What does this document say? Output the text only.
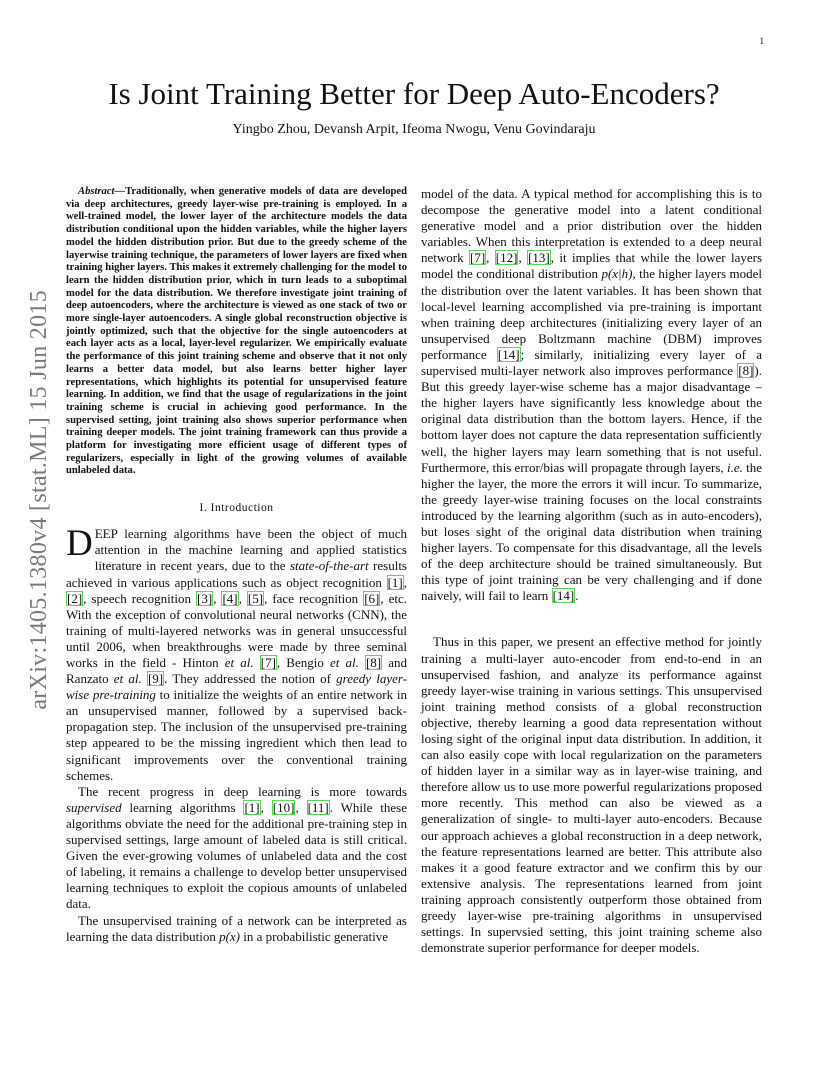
1
arXiv:1405.1380v4 [stat.ML] 15 Jun 2015
Is Joint Training Better for Deep Auto-Encoders?
Yingbo Zhou, Devansh Arpit, Ifeoma Nwogu, Venu Govindaraju

Abstract—Traditionally, when generative models of data are developed via deep architectures, greedy layer-wise pre-training is employed. In a well-trained model, the lower layer of the architecture models the data distribution conditional upon the hidden variables, while the higher layers model the hidden distribution prior. But due to the greedy scheme of the layerwise training technique, the parameters of lower layers are fixed when training higher layers. This makes it extremely challenging for the model to learn the hidden distribution prior, which in turn leads to a suboptimal model for the data distribution. We therefore investigate joint training of deep autoencoders, where the architecture is viewed as one stack of two or more single-layer autoencoders. A single global reconstruction objective is jointly optimized, such that the objective for the single autoencoders at each layer acts as a local, layer-level regularizer. We empirically evaluate the performance of this joint training scheme and observe that it not only learns a better data model, but also learns better higher layer representations, which highlights its potential for unsupervised feature learning. In addition, we find that the usage of regularizations in the joint training scheme is crucial in achieving good performance. In the supervised setting, joint training also shows superior performance when training deeper models. The joint training framework can thus provide a platform for investigating more efficient usage of different types of regularizers, especially in light of the growing volumes of available unlabeled data.

I. Introduction

DEEP learning algorithms have been the object of much attention in the machine learning and applied statistics literature in recent years, due to the state-of-the-art results achieved in various applications such as object recognition [1], [2], speech recognition [3], [4], [5], face recognition [6], etc. With the exception of convolutional neural networks (CNN), the training of multi-layered networks was in general unsuccessful until 2006, when breakthroughs were made by three seminal works in the field - Hinton et al. [7], Bengio et al. [8] and Ranzato et al. [9]. They addressed the notion of greedy layer-wise pre-training to initialize the weights of an entire network in an unsupervised manner, followed by a supervised back-propagation step. The inclusion of the unsupervised pre-training step appeared to be the missing ingredient which then lead to significant improvements over the conventional training schemes.

The recent progress in deep learning is more towards supervised learning algorithms [1], [10], [11]. While these algorithms obviate the need for the additional pre-training step in supervised settings, large amount of labeled data is still critical. Given the ever-growing volumes of unlabeled data and the cost of labeling, it remains a challenge to develop better unsupervised learning techniques to exploit the copious amounts of unlabeled data.

The unsupervised training of a network can be interpreted as learning the data distribution p(x) in a probabilistic generative

model of the data. A typical method for accomplishing this is to decompose the generative model into a latent conditional generative model and a prior distribution over the hidden variables. When this interpretation is extended to a deep neural network [7], [12], [13], it implies that while the lower layers model the conditional distribution p(x|h), the higher layers model the distribution over the latent variables. It has been shown that local-level learning accomplished via pre-training is important when training deep architectures (initializing every layer of an unsupervised deep Boltzmann machine (DBM) improves performance [14]; similarly, initializing every layer of a supervised multi-layer network also improves performance [8]). But this greedy layer-wise scheme has a major disadvantage – the higher layers have significantly less knowledge about the original data distribution than the bottom layers. Hence, if the bottom layer does not capture the data representation sufficiently well, the higher layers may learn something that is not useful. Furthermore, this error/bias will propagate through layers, i.e. the higher the layer, the more the errors it will incur. To summarize, the greedy layer-wise training focuses on the local constraints introduced by the learning algorithm (such as in auto-encoders), but loses sight of the original data distribution when training higher layers. To compensate for this disadvantage, all the levels of the deep architecture should be trained simultaneously. But this type of joint training can be very challenging and if done naively, will fail to learn [14].

Thus in this paper, we present an effective method for jointly training a multi-layer auto-encoder from end-to-end in an unsupervised fashion, and analyze its performance against greedy layer-wise training in various settings. This unsupervised joint training method consists of a global reconstruction objective, thereby learning a good data representation without losing sight of the original input data distribution. In addition, it can also easily cope with local regularization on the parameters of hidden layer in a similar way as in layer-wise training, and therefore allow us to use more powerful regularizations proposed more recently. This method can also be viewed as a generalization of single- to multi-layer auto-encoders. Because our approach achieves a global reconstruction in a deep network, the feature representations learned are better. This attribute also makes it a good feature extractor and we confirm this by our extensive analysis. The representations learned from joint training approach consistently outperform those obtained from greedy layer-wise pre-training algorithms in unsupervised settings. In supervsied setting, this joint training scheme also demonstrate superior performance for deeper models.
